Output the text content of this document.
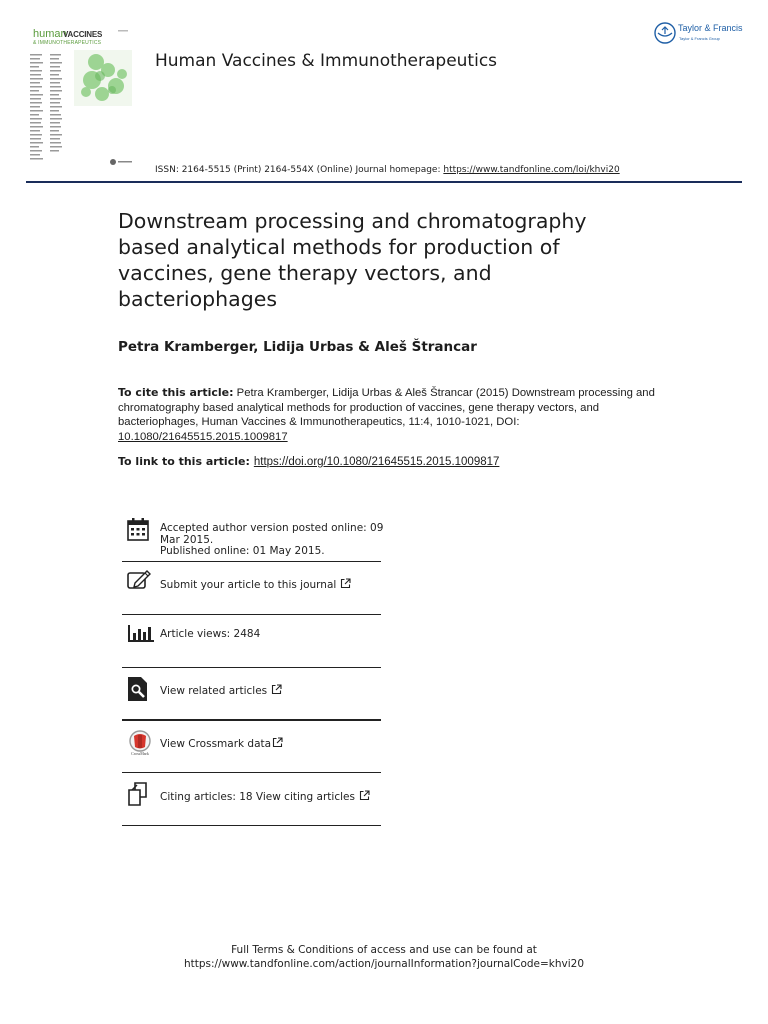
human
VACCINES
& IMMUNOTHERAPEUTICS
Human Vaccines & Immunotherapeutics
ISSN: 2164-5515 (Print) 2164-554X (Online) Journal homepage: https://www.tandfonline.com/loi/khvi20
Taylor & Francis
Taylor & Francis Group
Downstream processing and chromatography based analytical methods for production of vaccines, gene therapy vectors, and bacteriophages
Petra Kramberger, Lidija Urbas & Aleš Štrancar
To cite this article: Petra Kramberger, Lidija Urbas & Aleš Štrancar (2015) Downstream processing and chromatography based analytical methods for production of vaccines, gene therapy vectors, and bacteriophages, Human Vaccines & Immunotherapeutics, 11:4, 1010-1021, DOI: 10.1080/21645515.2015.1009817
To link to this article: https://doi.org/10.1080/21645515.2015.1009817
Accepted author version posted online: 09
Mar 2015.
Published online: 01 May 2015.
Submit your article to this journal
Article views: 2484
View related articles
CrossMark
View Crossmark data
Citing articles: 18 View citing articles
Full Terms & Conditions of access and use can be found at
https://www.tandfonline.com/action/journalInformation?journalCode=khvi20
